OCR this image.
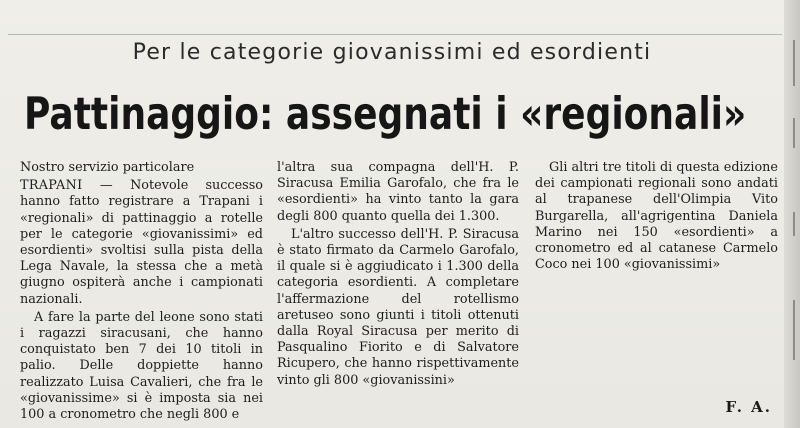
Per le categorie giovanissimi ed esordienti
Pattinaggio: assegnati i «regionali»

Nostro servizio particolare

TRAPANI — Notevole successo hanno fatto registrare a Trapani i «regionali» di pattinaggio a rotelle per le categorie «giovanissimi» ed esordienti» svoltisi sulla pista della Lega Navale, la stessa che a metà giugno ospiterà anche i campionati nazionali.

A fare la parte del leone sono stati i ragazzi siracusani, che hanno conquistato ben 7 dei 10 titoli in palio. Delle doppiette hanno realizzato Luisa Cavalieri, che fra le «giovanissime» si è imposta sia nei 100 a cronometro che negli 800 e

l'altra sua compagna dell'H. P. Siracusa Emilia Garofalo, che fra le «esordienti» ha vinto tanto la gara degli 800 quanto quella dei 1.300.

L'altro successo dell'H. P. Siracusa è stato firmato da Carmelo Garofalo, il quale si è aggiudicato i 1.300 della categoria esordienti. A completare l'affermazione del rotellismo aretuseo sono giunti i titoli ottenuti dalla Royal Siracusa per merito di Pasqualino Fiorito e di Salvatore Ricupero, che hanno rispettivamente vinto gli 800 «giovanissini»

Gli altri tre titoli di questa edizione dei campionati regionali sono andati al trapanese dell'Olimpia Vito Burgarella, all'agrigentina Daniela Marino nei 150 «esordienti» a cronometro ed al catanese Carmelo Coco nei 100 «giovanissimi»

F. A.
